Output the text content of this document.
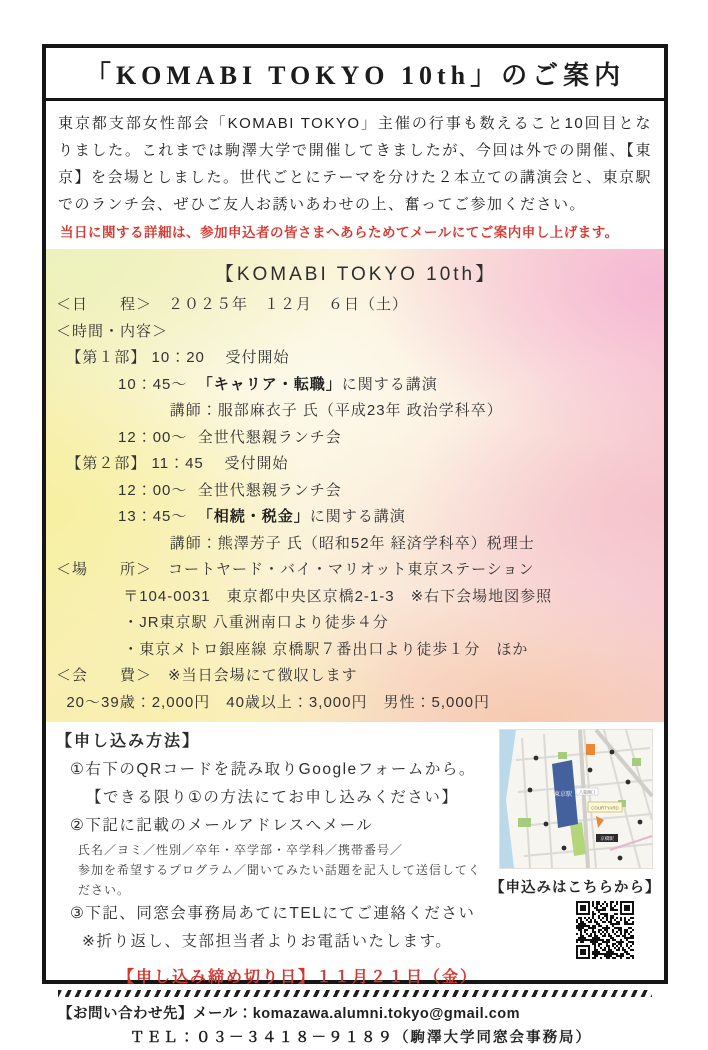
「KOMABI TOKYO 10th」のご案内
東京都支部女性部会「KOMABI TOKYO」主催の行事も数えること10回目となりました。これまでは駒澤大学で開催してきましたが、今回は外での開催、【東京】を会場としました。世代ごとにテーマを分けた２本立ての講演会と、東京駅でのランチ会、ぜひご友人お誘いあわせの上、奮ってご参加ください。
当日に関する詳細は、参加申込者の皆さまへあらためてメールにてご案内申し上げます。
【KOMABI TOKYO 10th】
＜日　　程＞　２０２５年　１２月　６日（土）
＜時間・内容＞
【第１部】 10：20    受付開始
10：45～  「キャリア・転職」に関する講演
講師：服部麻衣子 氏（平成23年 政治学科卒）
12：00～  全世代懇親ランチ会
【第２部】 11：45    受付開始
12：00～  全世代懇親ランチ会
13：45～  「相続・税金」に関する講演
講師：熊澤芳子 氏（昭和52年 経済学科卒）税理士
＜場　　所＞　コートヤード・バイ・マリオット東京ステーション
〒104-0031　東京都中央区京橋2-1-3　※右下会場地図参照
・JR東京駅 八重洲南口より徒歩４分
・東京メトロ銀座線 京橋駅７番出口より徒歩１分　ほか
＜会　　費＞　※当日会場にて徴収します
20～39歳：2,000円　40歳以上：3,000円　男性：5,000円
【申し込み方法】
①右下のQRコードを読み取りGoogleフォームから。
【できる限り①の方法にてお申し込みください】
②下記に記載のメールアドレスへメール
氏名／ヨミ／性別／卒年・卒学部・卒学科／携帯番号／
参加を希望するプログラム／聞いてみたい話題を記入して送信してください。
③下記、同窓会事務局あてにTELにてご連絡ください
※折り返し、支部担当者よりお電話いたします。
【申し込み締め切り日】１１月２１日（金）
東京駅 八重洲口
COURTYARD
京橋駅
【申込みはこちらから】
【お問い合わせ先】メール：komazawa.alumni.tokyo@gmail.com
ＴＥＬ：０３－３４１８－９１８９（駒澤大学同窓会事務局）
